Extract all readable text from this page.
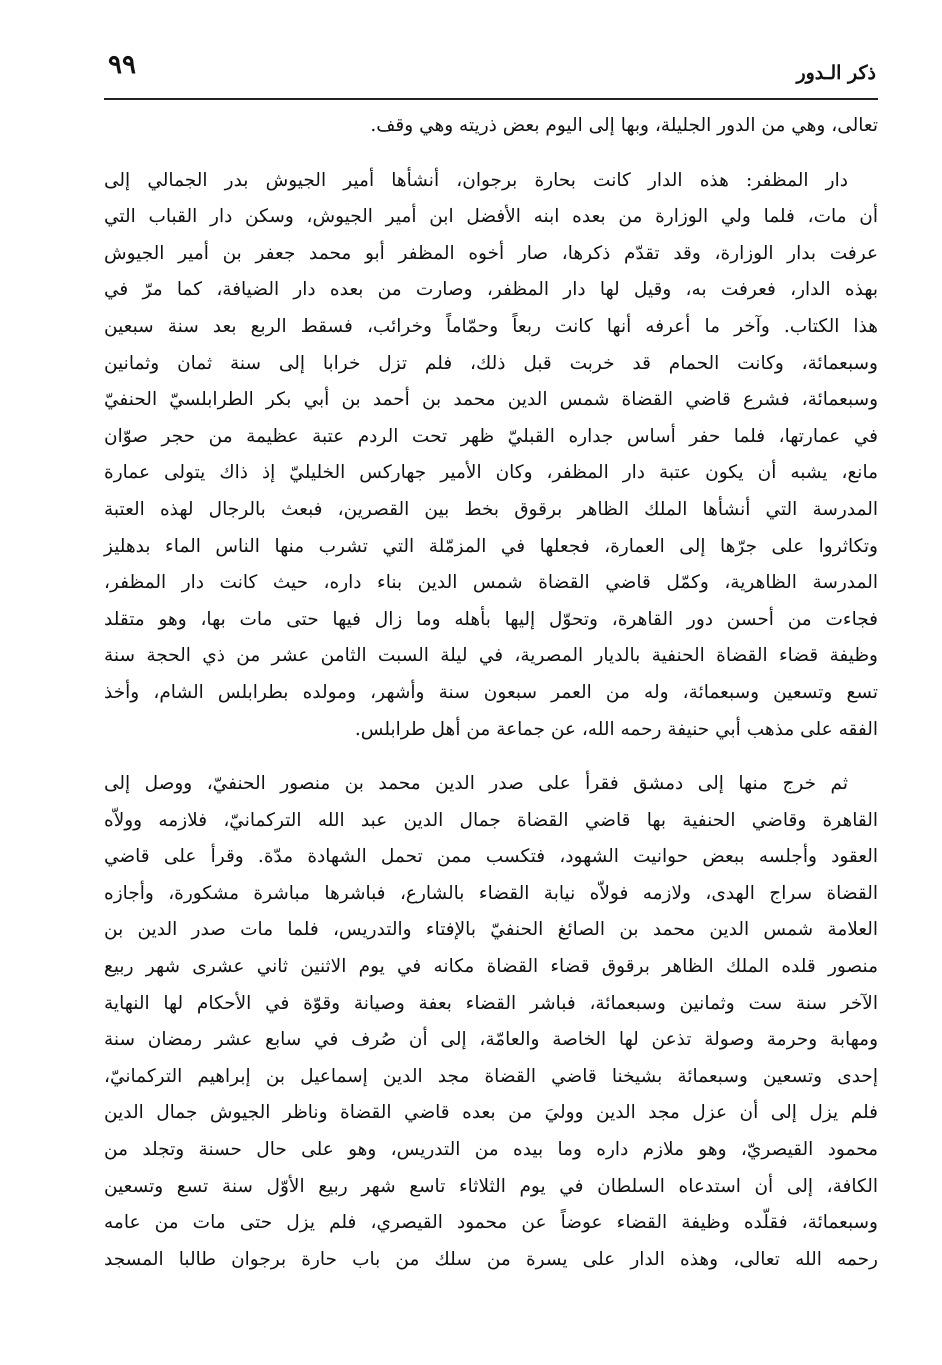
٩٩	ذكر الـدور

تعالى، وهي من الدور الجليلة، وبها إلى اليوم بعض ذريته وهي وقف.

دار المظفر: هذه الدار كانت بحارة برجوان، أنشأها أمير الجيوش بدر الجمالي إلى
أن مات، فلما ولي الوزارة من بعده ابنه الأفضل ابن أمير الجيوش، وسكن دار القباب التي
عرفت بدار الوزارة، وقد تقدّم ذكرها، صار أخوه المظفر أبو محمد جعفر بن أمير الجيوش
بهذه الدار، فعرفت به، وقيل لها دار المظفر، وصارت من بعده دار الضيافة، كما مرّ في
هذا الكتاب. وآخر ما أعرفه أنها كانت ربعاً وحمّاماً وخرائب، فسقط الربع بعد سنة سبعين
وسبعمائة، وكانت الحمام قد خربت قبل ذلك، فلم تزل خرابا إلى سنة ثمان وثمانين
وسبعمائة، فشرع قاضي القضاة شمس الدين محمد بن أحمد بن أبي بكر الطرابلسيّ الحنفيّ
في عمارتها، فلما حفر أساس جداره القبليّ ظهر تحت الردم عتبة عظيمة من حجر صوّان
مانع، يشبه أن يكون عتبة دار المظفر، وكان الأمير جهاركس الخليليّ إذ ذاك يتولى عمارة
المدرسة التي أنشأها الملك الظاهر برقوق بخط بين القصرين، فبعث بالرجال لهذه العتبة
وتكاثروا على جرّها إلى العمارة، فجعلها في المزمّلة التي تشرب منها الناس الماء بدهليز
المدرسة الظاهرية، وكمّل قاضي القضاة شمس الدين بناء داره، حيث كانت دار المظفر،
فجاءت من أحسن دور القاهرة، وتحوّل إليها بأهله وما زال فيها حتى مات بها، وهو متقلد
وظيفة قضاء القضاة الحنفية بالديار المصرية، في ليلة السبت الثامن عشر من ذي الحجة سنة
تسع وتسعين وسبعمائة، وله من العمر سبعون سنة وأشهر، ومولده بطرابلس الشام، وأخذ
الفقه على مذهب أبي حنيفة رحمه الله، عن جماعة من أهل طرابلس.

ثم خرج منها إلى دمشق فقرأ على صدر الدين محمد بن منصور الحنفيّ، ووصل إلى
القاهرة وقاضي الحنفية بها قاضي القضاة جمال الدين عبد الله التركمانيّ، فلازمه وولاّه
العقود وأجلسه ببعض حوانيت الشهود، فتكسب ممن تحمل الشهادة مدّة. وقرأ على قاضي
القضاة سراج الهدى، ولازمه فولاّه نيابة القضاء بالشارع، فباشرها مباشرة مشكورة، وأجازه
العلامة شمس الدين محمد بن الصائغ الحنفيّ بالإفتاء والتدريس، فلما مات صدر الدين بن
منصور قلده الملك الظاهر برقوق قضاء القضاة مكانه في يوم الاثنين ثاني عشرى شهر ربيع
الآخر سنة ست وثمانين وسبعمائة، فباشر القضاء بعفة وصيانة وقوّة في الأحكام لها النهاية
ومهابة وحرمة وصولة تذعن لها الخاصة والعامّة، إلى أن صُرف في سابع عشر رمضان سنة
إحدى وتسعين وسبعمائة بشيخنا قاضي القضاة مجد الدين إسماعيل بن إبراهيم التركمانيّ،
فلم يزل إلى أن عزل مجد الدين ووليَ من بعده قاضي القضاة وناظر الجيوش جمال الدين
محمود القيصريّ، وهو ملازم داره وما بيده من التدريس، وهو على حال حسنة وتجلد من
الكافة، إلى أن استدعاه السلطان في يوم الثلاثاء تاسع شهر ربيع الأوّل سنة تسع وتسعين
وسبعمائة، فقلّده وظيفة القضاء عوضاً عن محمود القيصري، فلم يزل حتى مات من عامه
رحمه الله تعالى، وهذه الدار على يسرة من سلك من باب حارة برجوان طالبا المسجد
